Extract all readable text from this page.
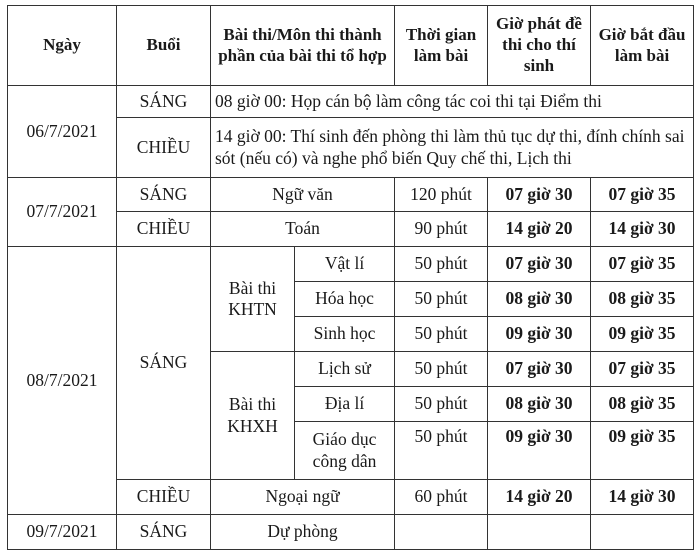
Ngày	Buổi	Bài thi/Môn thi thành phần của bài thi tổ hợp		Thời gian làm bài	Giờ phát đề thi cho thí sinh	Giờ bắt đầu làm bài
06/7/2021	SÁNG	08 giờ 00: Họp cán bộ làm công tác coi thi tại Điểm thi				
	CHIỀU	14 giờ 00: Thí sinh đến phòng thi làm thủ tục dự thi, đính chính sai sót (nếu có) và nghe phổ biến Quy chế thi, Lịch thi				
07/7/2021	SÁNG	Ngữ văn		120 phút	07 giờ 30	07 giờ 35
	CHIỀU	Toán		90 phút	14 giờ 20	14 giờ 30
08/7/2021	SÁNG	Bài thi KHTN	Vật lí	50 phút	07 giờ 30	07 giờ 35
			Hóa học	50 phút	08 giờ 30	08 giờ 35
			Sinh học	50 phút	09 giờ 30	09 giờ 35
		Bài thi KHXH	Lịch sử	50 phút	07 giờ 30	07 giờ 35
			Địa lí	50 phút	08 giờ 30	08 giờ 35
			Giáo dục công dân	50 phút	09 giờ 30	09 giờ 35
	CHIỀU	Ngoại ngữ		60 phút	14 giờ 20	14 giờ 30
09/7/2021	SÁNG	Dự phòng				
